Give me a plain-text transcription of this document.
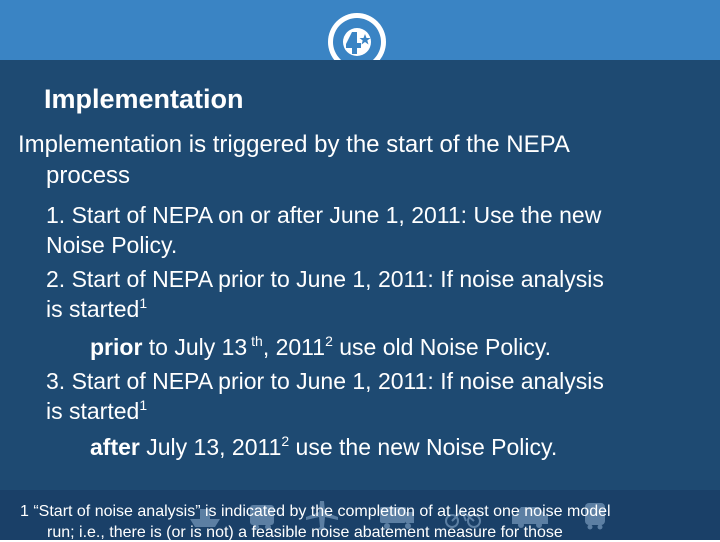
Implementation
Implementation is triggered by the start of the NEPA
process
1. Start of NEPA on or after June 1, 2011: Use the new
Noise Policy.
2. Start of NEPA prior to June 1, 2011: If noise analysis
is started$^1$
prior to July 13 $^{th}$, 2011$^2$ use old Noise Policy.
3. Start of NEPA prior to June 1, 2011: If noise analysis
is started$^1$
after July 13, 2011$^2$ use the new Noise Policy.
1 “Start of noise analysis” is indicated by the completion of at least one noise model
run; i.e., there is (or is not) a feasible noise abatement measure for those
